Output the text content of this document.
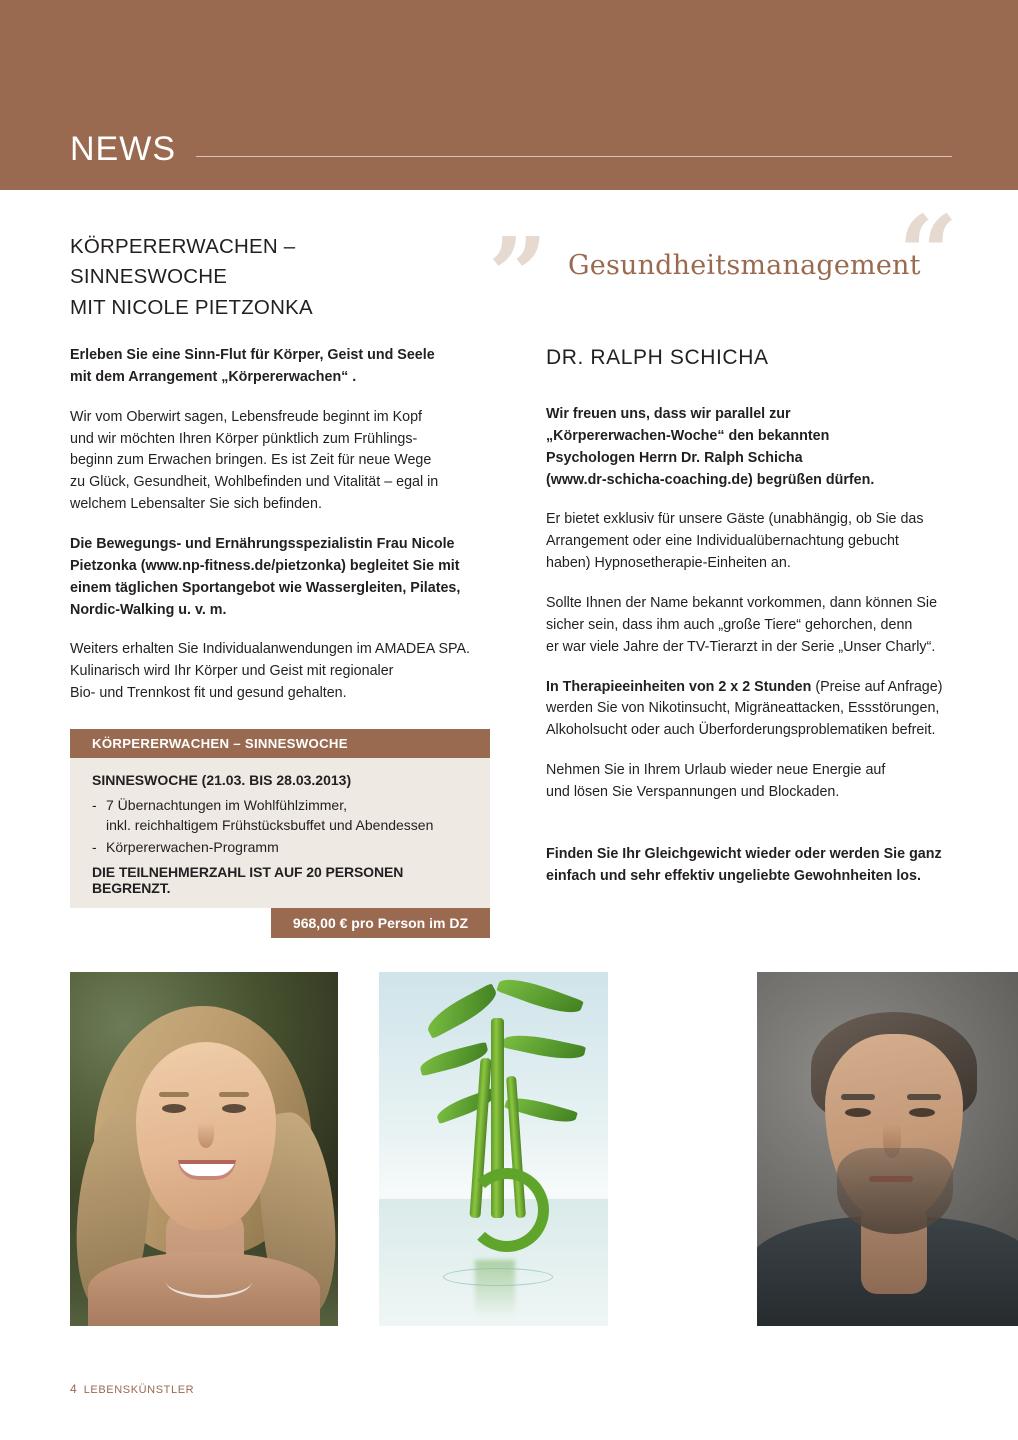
NEWS
KÖRPERERWACHEN –
SINNESWOCHE
MIT NICOLE PIETZONKA

Erleben Sie eine Sinn-Flut für Körper, Geist und Seele
mit dem Arrangement „Körpererwachen“ .

Wir vom Oberwirt sagen, Lebensfreude beginnt im Kopf
und wir möchten Ihren Körper pünktlich zum Frühlings-
beginn zum Erwachen bringen. Es ist Zeit für neue Wege
zu Glück, Gesundheit, Wohlbefinden und Vitalität – egal in
welchem Lebensalter Sie sich befinden.

Die Bewegungs- und Ernährungsspezialistin Frau Nicole
Pietzonka (www.np-fitness.de/pietzonka) begleitet Sie mit
einem täglichen Sportangebot wie Wassergleiten, Pilates,
Nordic-Walking u. v. m.

Weiters erhalten Sie Individualanwendungen im AMADEA SPA.
Kulinarisch wird Ihr Körper und Geist mit regionaler
Bio- und Trennkost fit und gesund gehalten.

KÖRPERERWACHEN – SINNESWOCHE
SINNESWOCHE (21.03. BIS 28.03.2013)
- 7 Übernachtungen im Wohlfühlzimmer,
inkl. reichhaltigem Frühstücksbuffet und Abendessen
- Körpererwachen-Programm
DIE TEILNEHMERZAHL IST AUF 20 PERSONEN BEGRENZT.
968,00 € pro Person im DZ
” Gesundheitsmanagement
“
DR. RALPH SCHICHA

Wir freuen uns, dass wir parallel zur
„Körpererwachen-Woche“ den bekannten
Psychologen Herrn Dr. Ralph Schicha
(www.dr-schicha-coaching.de) begrüßen dürfen.

Er bietet exklusiv für unsere Gäste (unabhängig, ob Sie das
Arrangement oder eine Individualübernachtung gebucht
haben) Hypnosetherapie-Einheiten an.

Sollte Ihnen der Name bekannt vorkommen, dann können Sie
sicher sein, dass ihm auch „große Tiere“ gehorchen, denn
er war viele Jahre der TV-Tierarzt in der Serie „Unser Charly“.

In Therapieeinheiten von 2 x 2 Stunden (Preise auf Anfrage)
werden Sie von Nikotinsucht, Migräneattacken, Essstörungen,
Alkoholsucht oder auch Überforderungsproblematiken befreit.

Nehmen Sie in Ihrem Urlaub wieder neue Energie auf
und lösen Sie Verspannungen und Blockaden.

Finden Sie Ihr Gleichgewicht wieder oder werden Sie ganz
einfach und sehr effektiv ungeliebte Gewohnheiten los.

4 LEBENSKÜNSTLER
